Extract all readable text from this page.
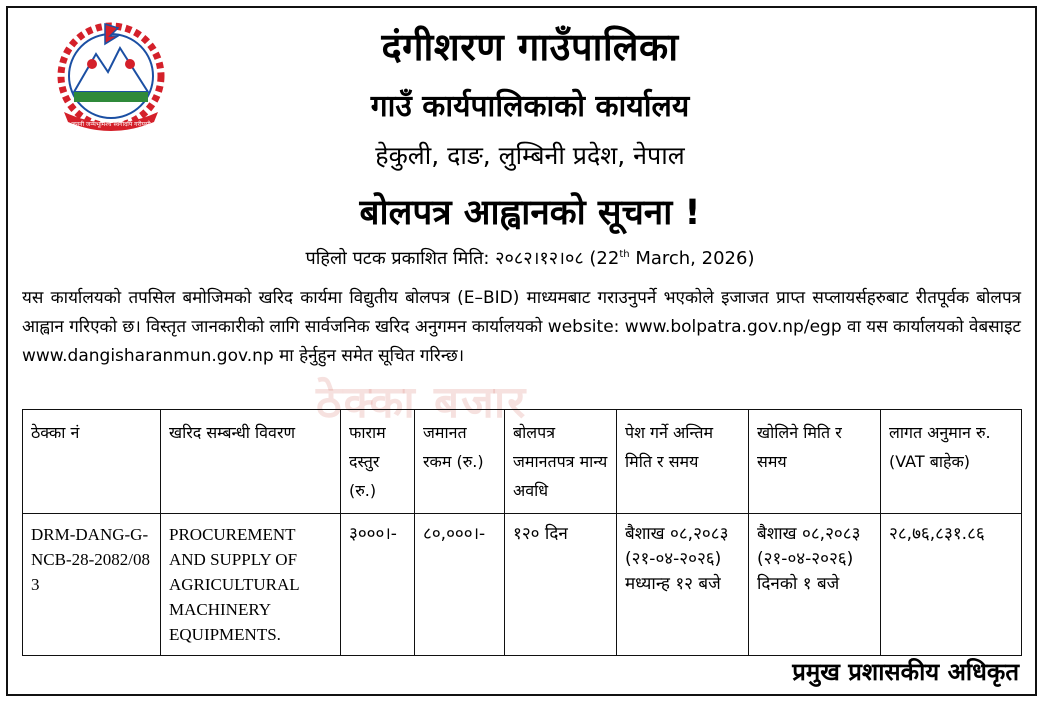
जननी जन्मभूमिश्च स्वर्गादपि गरीयसी
दंगीशरण गाउँपालिका
गाउँ कार्यपालिकाको कार्यालय
हेकुली, दाङ, लुम्बिनी प्रदेश, नेपाल
बोलपत्र आह्वानको सूचना !
पहिलो पटक प्रकाशित मिति: २०८२।१२।०८ (22th March, 2026)
यस कार्यालयको तपसिल बमोजिमको खरिद कार्यमा विद्युतीय बोलपत्र (E–BID) माध्यमबाट गराउनुपर्ने भएकोले इजाजत प्राप्त सप्लायर्सहरुबाट रीतपूर्वक बोलपत्र आह्वान गरिएको छ। विस्तृत जानकारीको लागि सार्वजनिक खरिद अनुगमन कार्यालयको website: www.bolpatra.gov.np/egp वा यस कार्यालयको वेबसाइट www.dangisharanmun.gov.np मा हेर्नुहुन समेत सूचित गरिन्छ।
ठेक्का बजार
ठेक्का नं	खरिद सम्बन्धी विवरण	फाराम दस्तुर (रु.)	जमानत रकम (रु.)	बोलपत्र जमानतपत्र मान्य अवधि	पेश गर्ने अन्तिम मिति र समय	खोलिने मिति र समय	लागत अनुमान रु. (VAT बाहेक)
DRM-DANG-G-NCB-28-2082/083	PROCUREMENT AND SUPPLY OF AGRICULTURAL MACHINERY EQUIPMENTS.	३०००।-	८०,०००।-	१२० दिन	बैशाख ०८,२०८३ (२१-०४-२०२६) मध्यान्ह १२ बजे	बैशाख ०८,२०८३ (२१-०४-२०२६) दिनको १ बजे	२८,७६,८३१.८६
प्रमुख प्रशासकीय अधिकृत
